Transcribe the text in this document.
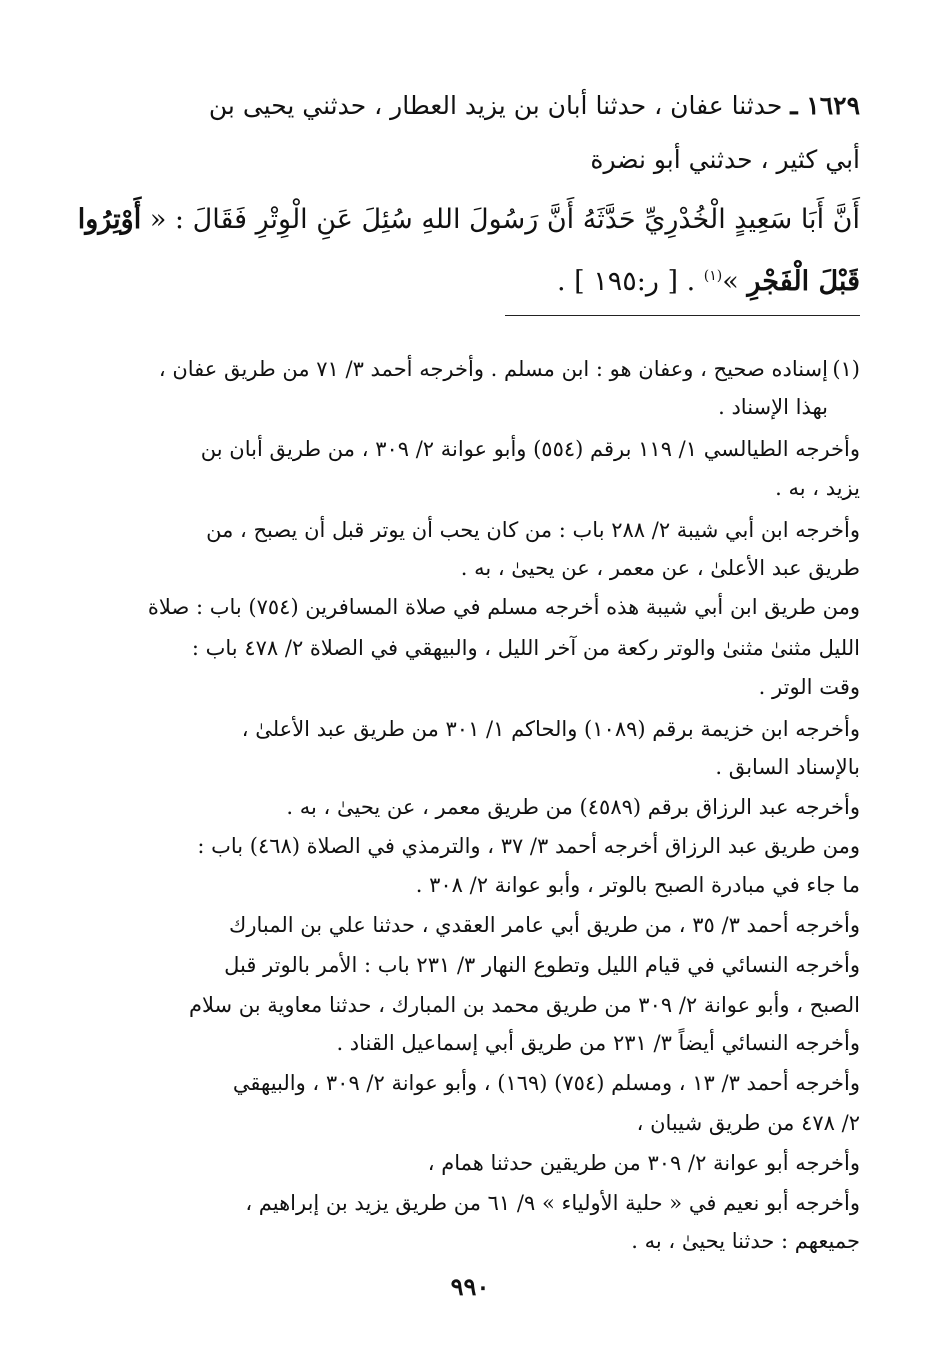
١٦٢٩ ـ حدثنا عفان ، حدثنا أبان بن يزيد العطار ، حدثني يحيى بن
أبي كثير ، حدثني أبو نضرة
أَنَّ أَبَا سَعِيدٍ الْخُدْرِيِّ حَدَّثَهُ أَنَّ رَسُولَ اللهِ سُئِلَ عَنِ الْوِتْرِ فَقَالَ : « أَوْتِرُوا
قَبْلَ الْفَجْرِ »$^{(١)}$ . [ ر:١٩٥ ] .
(١)
إسناده صحيح ، وعفان هو : ابن مسلم . وأخرجه أحمد ٣/ ٧١ من طريق عفان ،
بهذا الإسناد .
وأخرجه الطيالسي ١/ ١١٩ برقم (٥٥٤) وأبو عوانة ٢/ ٣٠٩ ، من طريق أبان بن
يزيد ، به .
وأخرجه ابن أبي شيبة ٢/ ٢٨٨ باب : من كان يحب أن يوتر قبل أن يصبح ، من
طريق عبد الأعلىٰ ، عن معمر ، عن يحيىٰ ، به .
ومن طريق ابن أبي شيبة هذه أخرجه مسلم في صلاة المسافرين (٧٥٤) باب : صلاة
الليل مثنىٰ مثنىٰ والوتر ركعة من آخر الليل ، والبيهقي في الصلاة ٢/ ٤٧٨ باب :
وقت الوتر .
وأخرجه ابن خزيمة برقم (١٠٨٩) والحاكم ١/ ٣٠١ من طريق عبد الأعلىٰ ،
بالإسناد السابق .
وأخرجه عبد الرزاق برقم (٤٥٨٩) من طريق معمر ، عن يحيىٰ ، به .
ومن طريق عبد الرزاق أخرجه أحمد ٣/ ٣٧ ، والترمذي في الصلاة (٤٦٨) باب :
ما جاء في مبادرة الصبح بالوتر ، وأبو عوانة ٢/ ٣٠٨ .
وأخرجه أحمد ٣/ ٣٥ ، من طريق أبي عامر العقدي ، حدثنا علي بن المبارك
وأخرجه النسائي في قيام الليل وتطوع النهار ٣/ ٢٣١ باب : الأمر بالوتر قبل
الصبح ، وأبو عوانة ٢/ ٣٠٩ من طريق محمد بن المبارك ، حدثنا معاوية بن سلام
وأخرجه النسائي أيضاً ٣/ ٢٣١ من طريق أبي إسماعيل القناد .
وأخرجه أحمد ٣/ ١٣ ، ومسلم (٧٥٤) (١٦٩) ، وأبو عوانة ٢/ ٣٠٩ ، والبيهقي
٢/ ٤٧٨ من طريق شيبان ،
وأخرجه أبو عوانة ٢/ ٣٠٩ من طريقين حدثنا همام ،
وأخرجه أبو نعيم في « حلية الأولياء » ٩/ ٦١ من طريق يزيد بن إبراهيم ،
جميعهم : حدثنا يحيىٰ ، به .
٩٩٠
